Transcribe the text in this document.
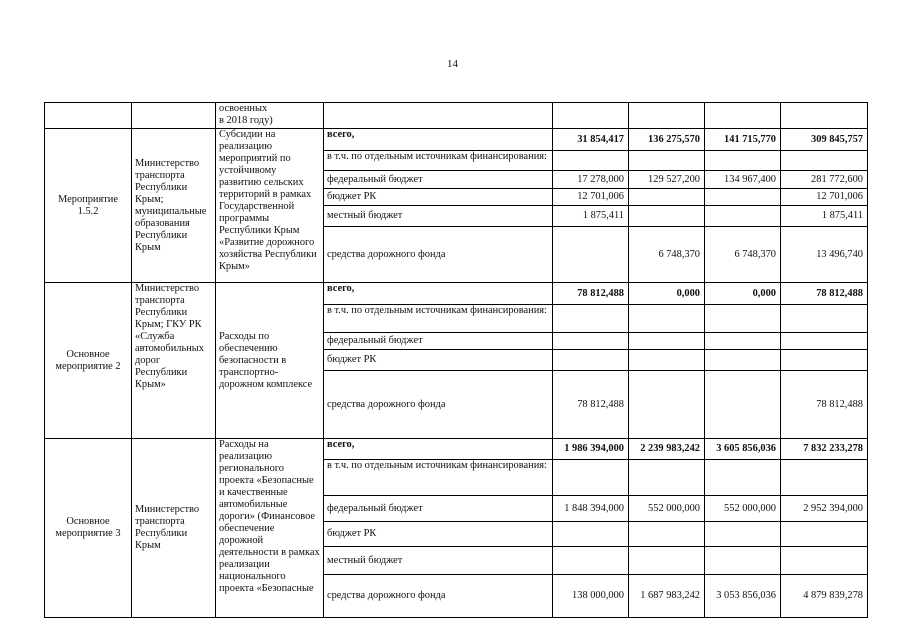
14
		освоенных
в 2018 году)					
Мероприятие 1.5.2	Министерство транспорта Республики Крым; муниципальные образования Республики Крым	Субсидии на реализацию мероприятий по устойчивому развитию сельских территорий в рамках Государственной программы Республики Крым «Развитие дорожного хозяйства Республики Крым»	всего,	31 854,417	136 275,570	141 715,770	309 845,757
			в т.ч. по отдельным источникам финансирования:				
			федеральный бюджет	17 278,000	129 527,200	134 967,400	281 772,600
			бюджет РК	12 701,006			12 701,006
			местный бюджет	1 875,411			1 875,411
			средства дорожного фонда		6 748,370	6 748,370	13 496,740
Основное мероприятие 2	Министерство транспорта Республики Крым; ГКУ РК «Служба автомобильных дорог Республики Крым»	Расходы по обеспечению безопасности в транспортно-дорожном комплексе	всего,	78 812,488	0,000	0,000	78 812,488
			в т.ч. по отдельным источникам финансирования:				
			федеральный бюджет				
			бюджет РК				
			средства дорожного фонда	78 812,488			78 812,488
Основное мероприятие 3	Министерство транспорта Республики Крым	Расходы на реализацию регионального проекта «Безопасные и качественные автомобильные дороги» (Финансовое обеспечение дорожной деятельности в рамках реализации национального проекта «Безопасные	всего,	1 986 394,000	2 239 983,242	3 605 856,036	7 832 233,278
			в т.ч. по отдельным источникам финансирования:				
			федеральный бюджет	1 848 394,000	552 000,000	552 000,000	2 952 394,000
			бюджет РК				
			местный бюджет				
			средства дорожного фонда	138 000,000	1 687 983,242	3 053 856,036	4 879 839,278
